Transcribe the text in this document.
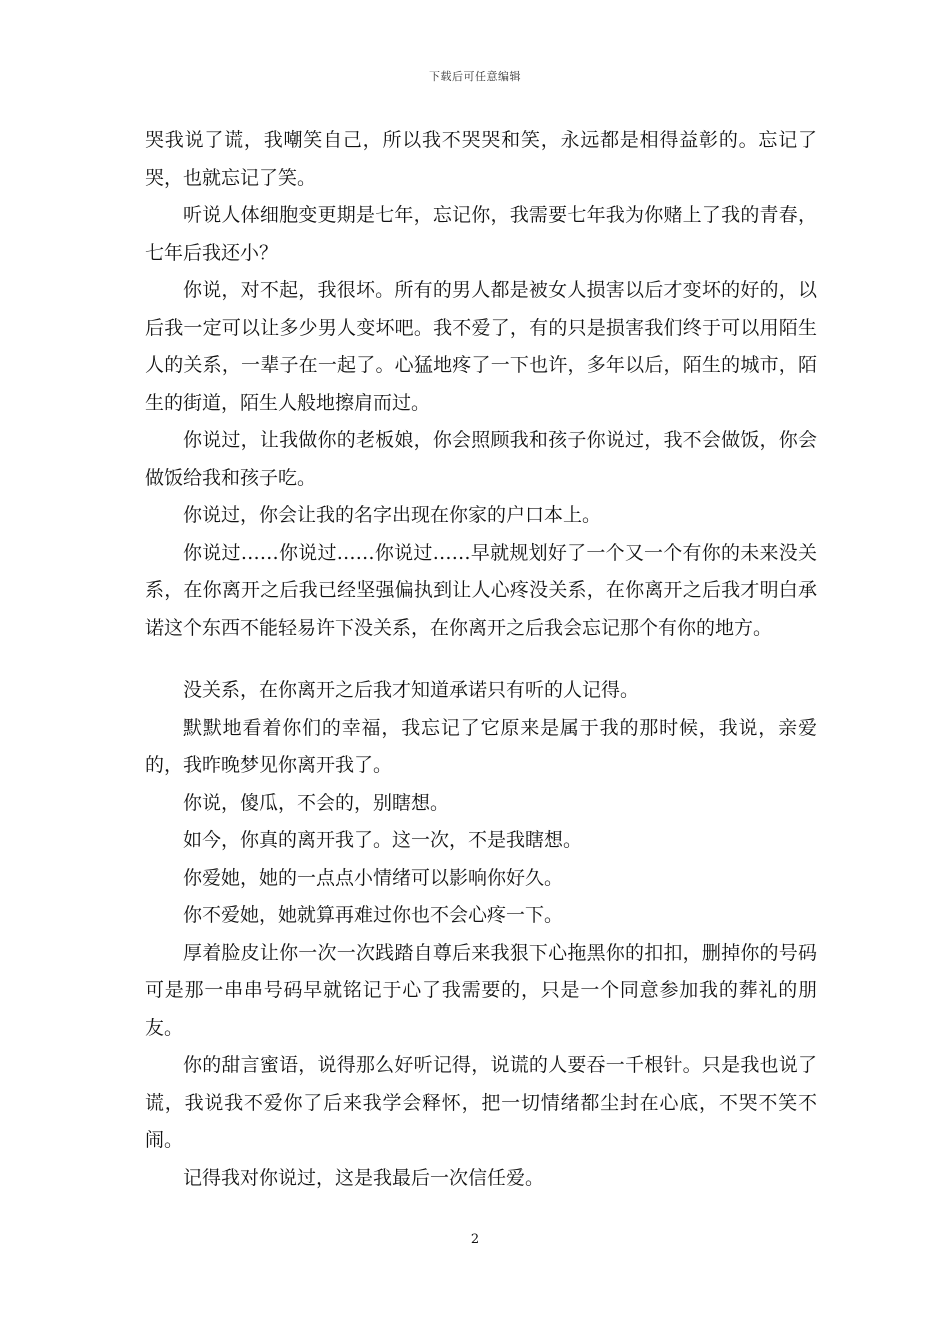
下载后可任意编辑

哭我说了谎，我嘲笑自己，所以我不哭哭和笑，永远都是相得益彰的。忘记了哭，也就忘记了笑。

听说人体细胞变更期是七年，忘记你，我需要七年我为你赌上了我的青春，七年后我还小？

你说，对不起，我很坏。所有的男人都是被女人损害以后才变坏的好的，以后我一定可以让多少男人变坏吧。我不爱了，有的只是损害我们终于可以用陌生人的关系，一辈子在一起了。心猛地疼了一下也许，多年以后，陌生的城市，陌生的街道，陌生人般地擦肩而过。

你说过，让我做你的老板娘，你会照顾我和孩子你说过，我不会做饭，你会做饭给我和孩子吃。

你说过，你会让我的名字出现在你家的户口本上。

你说过……你说过……你说过……早就规划好了一个又一个有你的未来没关系，在你离开之后我已经坚强偏执到让人心疼没关系，在你离开之后我才明白承诺这个东西不能轻易许下没关系，在你离开之后我会忘记那个有你的地方。

没关系，在你离开之后我才知道承诺只有听的人记得。

默默地看着你们的幸福，我忘记了它原来是属于我的那时候，我说，亲爱的，我昨晚梦见你离开我了。

你说，傻瓜，不会的，别瞎想。

如今，你真的离开我了。这一次，不是我瞎想。

你爱她，她的一点点小情绪可以影响你好久。

你不爱她，她就算再难过你也不会心疼一下。

厚着脸皮让你一次一次践踏自尊后来我狠下心拖黑你的扣扣，删掉你的号码可是那一串串号码早就铭记于心了我需要的，只是一个同意参加我的葬礼的朋友。

你的甜言蜜语，说得那么好听记得，说谎的人要吞一千根针。只是我也说了谎，我说我不爱你了后来我学会释怀，把一切情绪都尘封在心底，不哭不笑不闹。

记得我对你说过，这是我最后一次信任爱。

2
